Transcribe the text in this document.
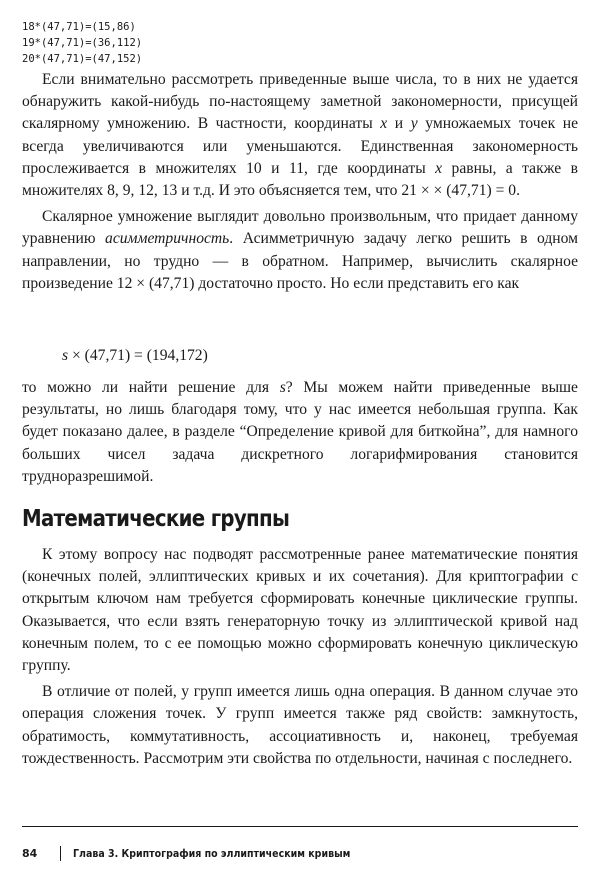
18*(47,71)=(15,86)
19*(47,71)=(36,112)
20*(47,71)=(47,152)

Если внимательно рассмотреть приведенные выше числа, то в них не удается обнаружить какой-нибудь по-настоящему заметной закономерности, присущей скалярному умножению. В частности, координаты x и y умножаемых точек не всегда увеличиваются или уменьшаются. Единственная закономерность прослеживается в множителях 10 и 11, где координаты x равны, а также в множителях 8, 9, 12, 13 и т.д. И это объясняется тем, что 21 × × (47,71) = 0.

Скалярное умножение выглядит довольно произвольным, что придает данному уравнению асимметричность. Асимметричную задачу легко решить в одном направлении, но трудно — в обратном. Например, вычислить скалярное произведение 12 × (47,71) достаточно просто. Но если представить его как

s × (47,71) = (194,172)

то можно ли найти решение для s? Мы можем найти приведенные выше результаты, но лишь благодаря тому, что у нас имеется небольшая группа. Как будет показано далее, в разделе “Определение кривой для биткойна”, для намного больших чисел задача дискретного логарифмирования становится трудноразрешимой.

Математические группы

К этому вопросу нас подводят рассмотренные ранее математические понятия (конечных полей, эллиптических кривых и их сочетания). Для криптографии с открытым ключом нам требуется сформировать конечные циклические группы. Оказывается, что если взять генераторную точку из эллиптической кривой над конечным полем, то с ее помощью можно сформировать конечную циклическую группу.

В отличие от полей, у групп имеется лишь одна операция. В данном случае это операция сложения точек. У групп имеется также ряд свойств: замкнутость, обратимость, коммутативность, ассоциативность и, наконец, требуемая тождественность. Рассмотрим эти свойства по отдельности, начиная с последнего.

84	Глава 3. Криптография по эллиптическим кривым
